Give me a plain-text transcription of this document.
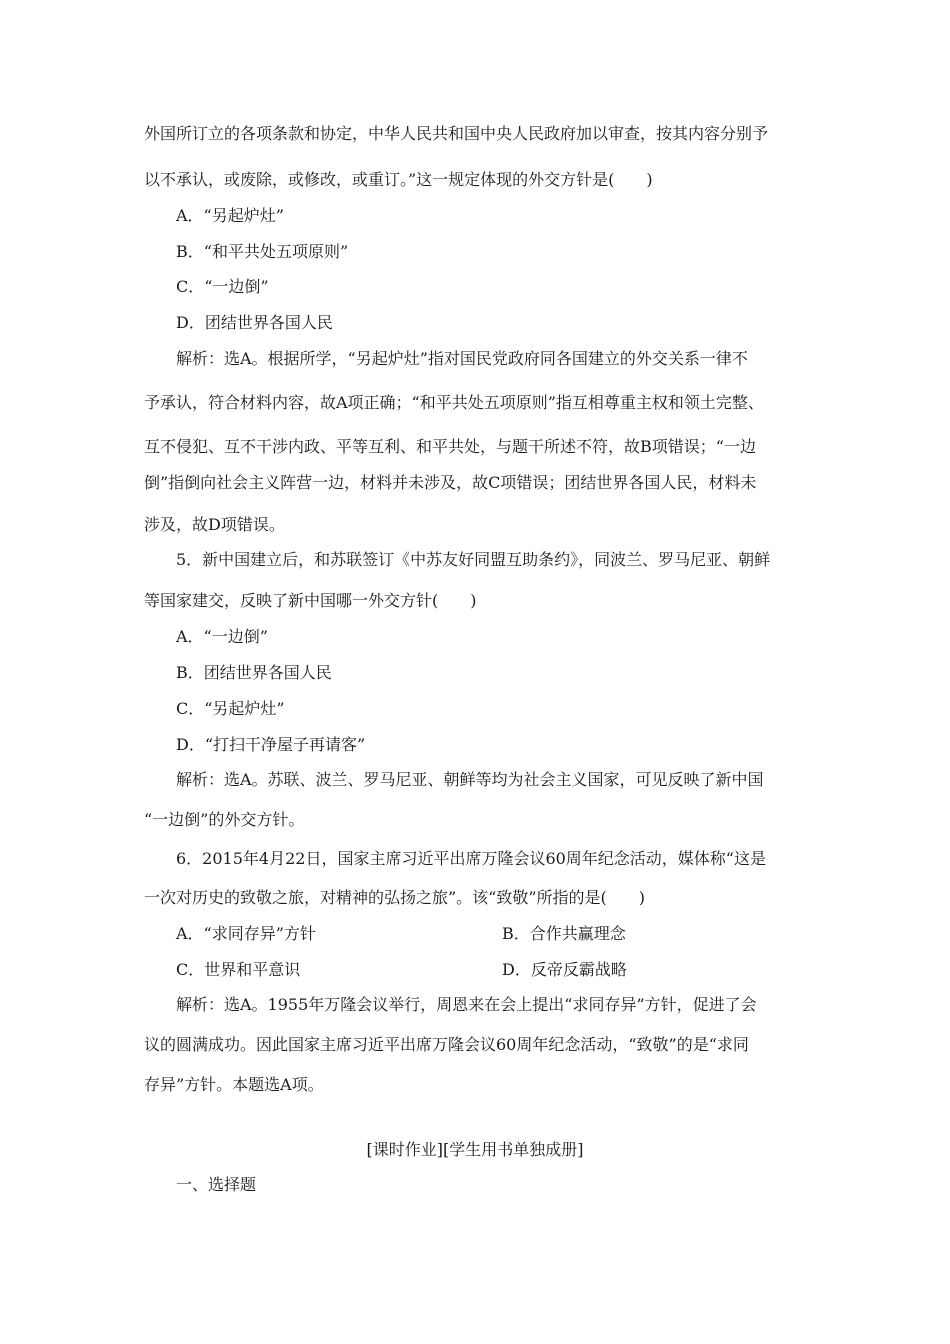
外国所订立的各项条款和协定，中华人民共和国中央人民政府加以审查，按其内容分别予
以不承认，或废除，或修改，或重订。”这一规定体现的外交方针是(　　)
A．“另起炉灶”
B．“和平共处五项原则”
C．“一边倒”
D．团结世界各国人民
解析：选A。根据所学，“另起炉灶”指对国民党政府同各国建立的外交关系一律不
予承认，符合材料内容，故A项正确；“和平共处五项原则”指互相尊重主权和领土完整、
互不侵犯、互不干涉内政、平等互利、和平共处，与题干所述不符，故B项错误；“一边
倒”指倒向社会主义阵营一边，材料并未涉及，故C项错误；团结世界各国人民，材料未
涉及，故D项错误。
5．新中国建立后，和苏联签订《中苏友好同盟互助条约》，同波兰、罗马尼亚、朝鲜
等国家建交，反映了新中国哪一外交方针(　　)
A．“一边倒”
B．团结世界各国人民
C．“另起炉灶”
D．“打扫干净屋子再请客”
解析：选A。苏联、波兰、罗马尼亚、朝鲜等均为社会主义国家，可见反映了新中国
“一边倒”的外交方针。
6．2015年4月22日，国家主席习近平出席万隆会议60周年纪念活动，媒体称“这是
一次对历史的致敬之旅，对精神的弘扬之旅”。该“致敬”所指的是(　　)
A．“求同存异”方针	B．合作共赢理念
C．世界和平意识	D．反帝反霸战略
解析：选A。1955年万隆会议举行，周恩来在会上提出“求同存异”方针，促进了会
议的圆满成功。因此国家主席习近平出席万隆会议60周年纪念活动，“致敬”的是“求同
存异”方针。本题选A项。
[课时作业][学生用书单独成册]
一、选择题
